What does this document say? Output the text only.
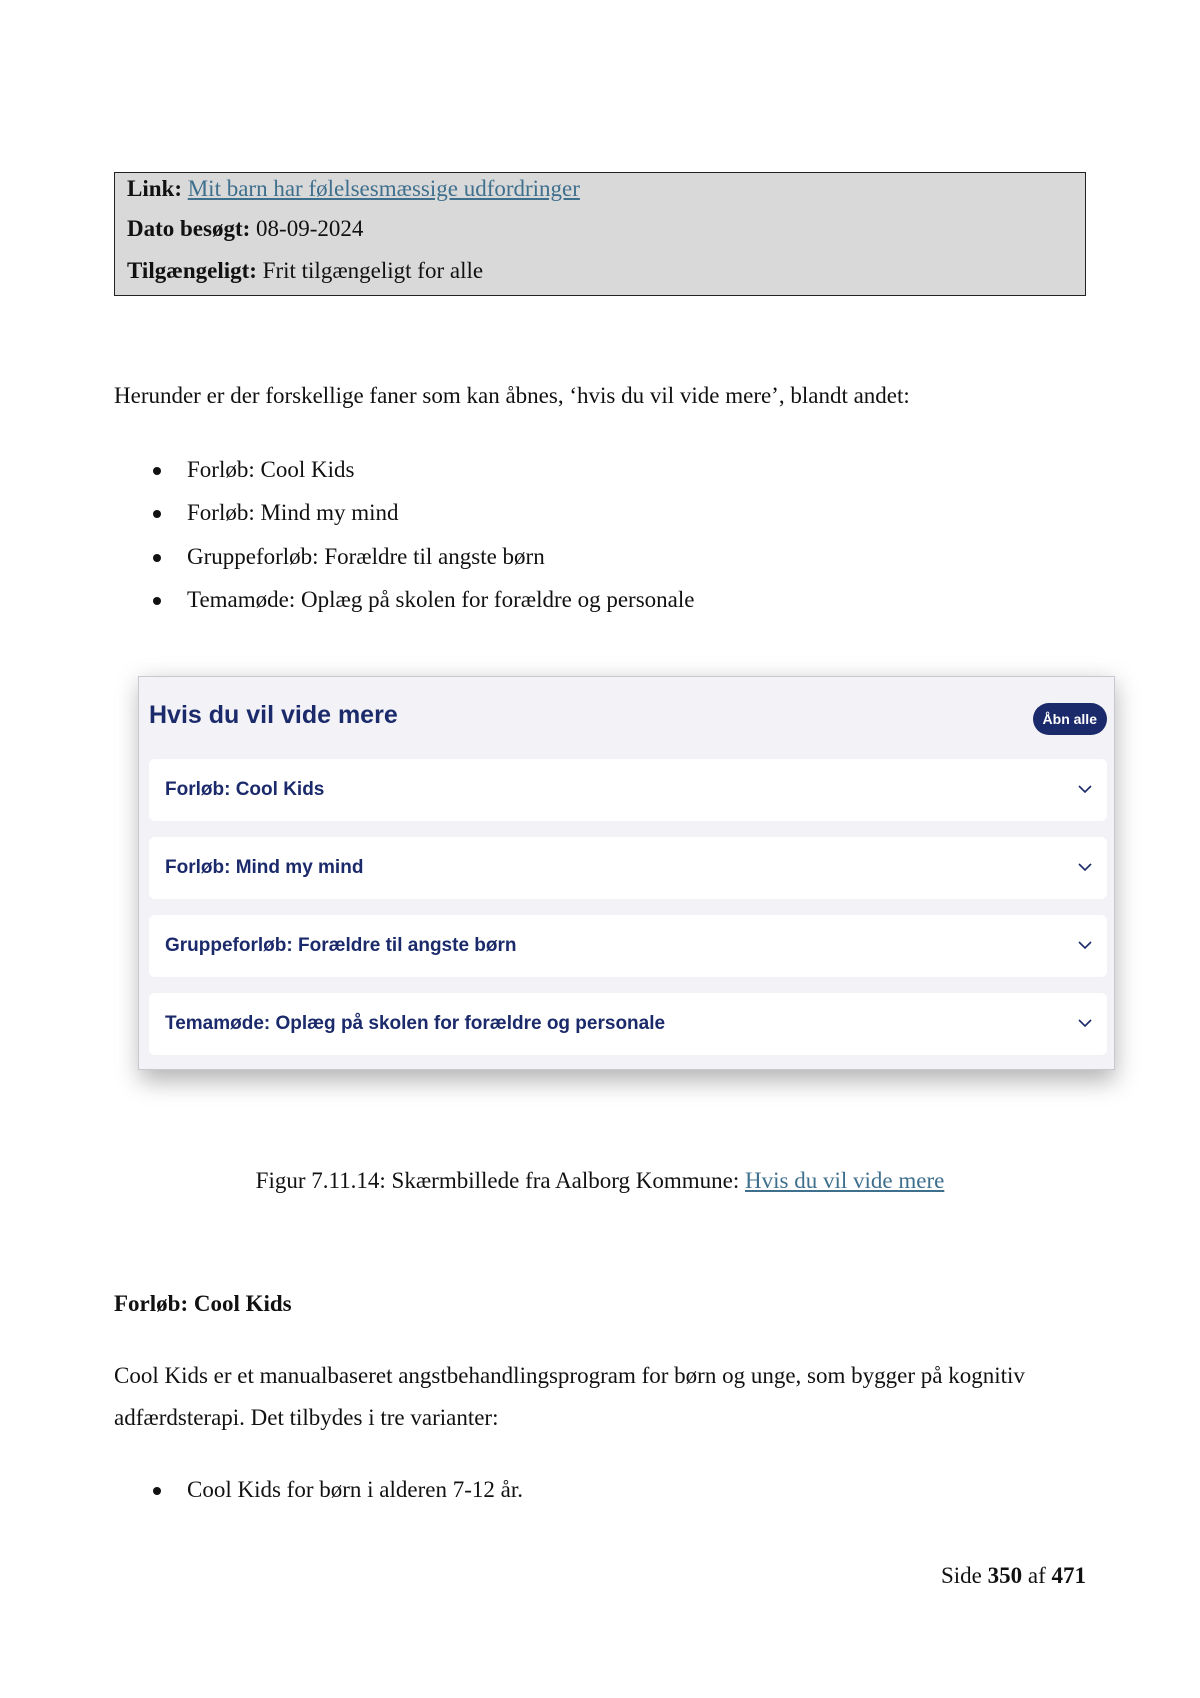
Link: Mit barn har følelsesmæssige udfordringer
Dato besøgt: 08-09-2024
Tilgængeligt: Frit tilgængeligt for alle
Herunder er der forskellige faner som kan åbnes, ‘hvis du vil vide mere’, blandt andet:
Forløb: Cool Kids
Forløb: Mind my mind
Gruppeforløb: Forældre til angste børn
Temamøde: Oplæg på skolen for forældre og personale
Hvis du vil vide mere	Åbn alle
Forløb: Cool Kids
Forløb: Mind my mind
Gruppeforløb: Forældre til angste børn
Temamøde: Oplæg på skolen for forældre og personale
Figur 7.11.14: Skærmbillede fra Aalborg Kommune: Hvis du vil vide mere
Forløb: Cool Kids
Cool Kids er et manualbaseret angstbehandlingsprogram for børn og unge, som bygger på kognitiv
adfærdsterapi. Det tilbydes i tre varianter:
Cool Kids for børn i alderen 7-12 år.
Side 350 af 471
